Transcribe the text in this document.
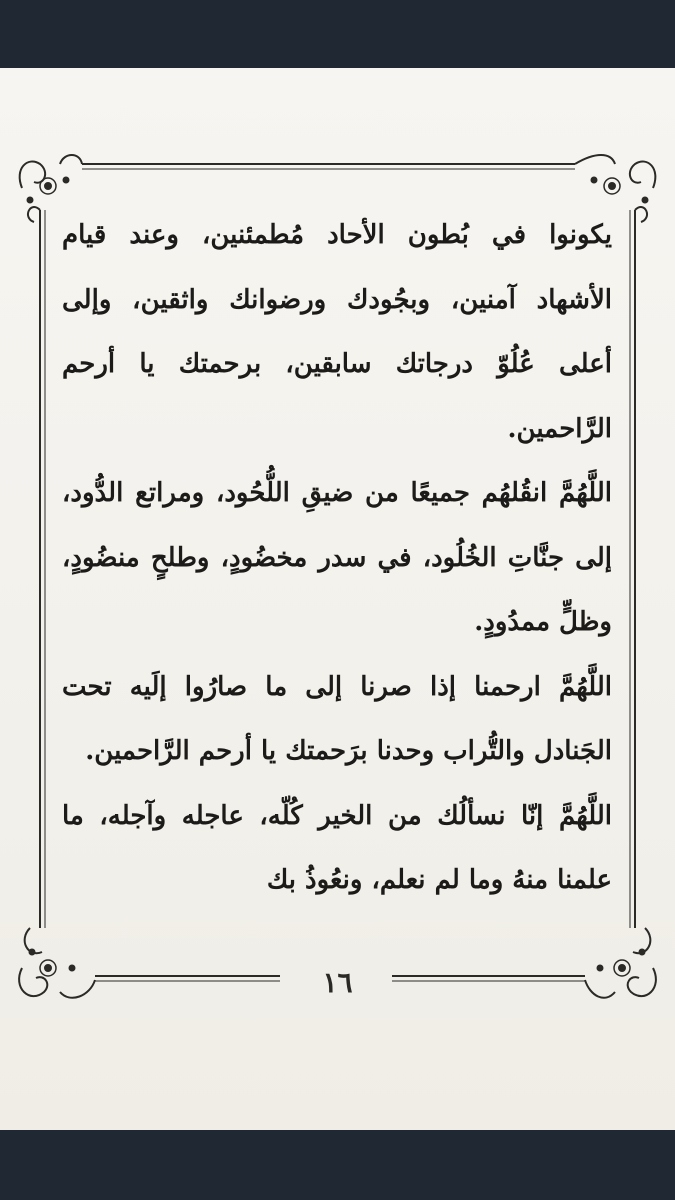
يكونوا في بُطون الأحاد مُطمئنين، وعند قيام الأشهاد آمنين، وبجُودك ورضوانك واثقين، وإلى أعلى عُلُوّ درجاتك سابقين، برحمتك يا أرحم الرَّاحمين.

اللَّهُمَّ انقُلهُم جميعًا من ضيقِ اللُّحُود، ومراتع الدُّود، إلى جنَّاتِ الخُلُود، في سدر مخضُودٍ، وطلحٍ منضُودٍ، وظلٍّ ممدُودٍ.

اللَّهُمَّ ارحمنا إذا صرنا إلى ما صارُوا إلَيه تحت الجَنادل والتُّراب وحدنا برَحمتك يا أرحم الرَّاحمين.

اللَّهُمَّ إنّا نسألُك من الخير كُلّه، عاجله وآجله، ما علمنا منهُ وما لم نعلم، ونعُوذُ بك

١٦
